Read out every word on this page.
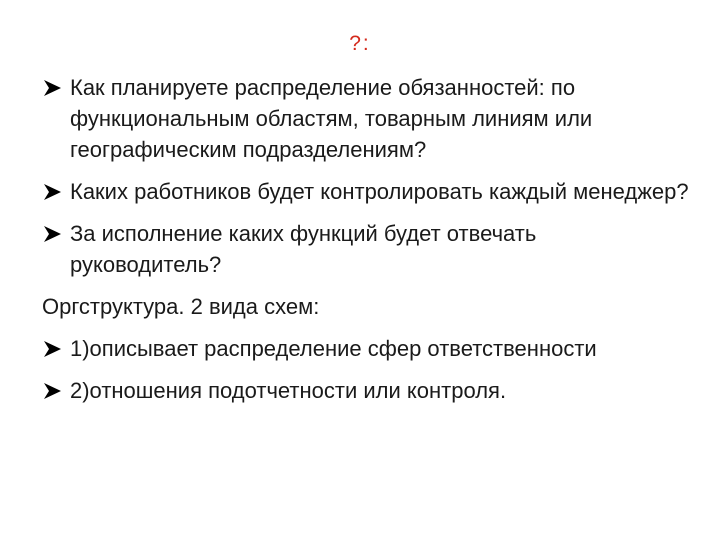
?:
Как планируете распределение обязанностей: по функциональным областям, товарным линиям или географическим подразделениям?
Каких работников будет контролировать каждый менеджер?
За исполнение каких функций будет отвечать руководитель?
Оргструктура. 2 вида схем:
1)описывает распределение сфер ответственности
2)отношения подотчетности или контроля.
